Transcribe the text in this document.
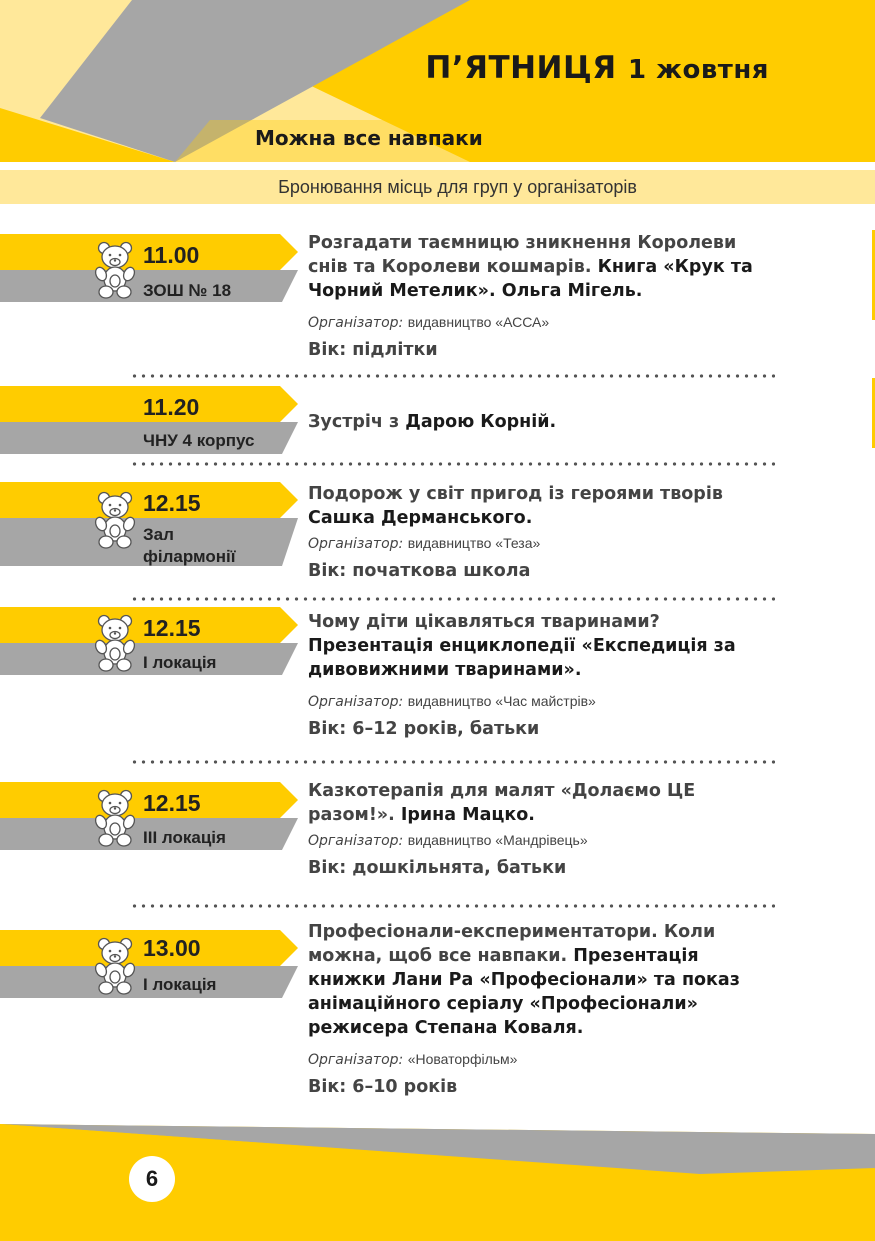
П’ЯТНИЦЯ 1 жовтня
Можна все навпаки
Бронювання місць для груп у організаторів
11.00
ЗОШ № 18

Розгадати таємницю зникнення Королеви снів та Королеви кошмарів. Книга «Крук та Чорний Метелик». Ольга Мігель.

Організатор: видавництво «АССА»
Вік: підлітки
11.20
ЧНУ 4 корпус

Зустріч з Дарою Корній.

12.15
Зал філармонії

Подорож у світ пригод із героями творів Сашка Дерманського.

Організатор: видавництво «Теза»
Вік: початкова школа
12.15
І локація

Чому діти цікавляться тваринами? Презентація енциклопедії «Експедиція за дивовижними тваринами».

Організатор: видавництво «Час майстрів»
Вік: 6–12 років, батьки
12.15
ІІІ локація

Казкотерапія для малят «Долаємо ЦЕ разом!». Ірина Мацко.

Організатор: видавництво «Мандрівець»
Вік: дошкільнята, батьки
13.00
І локація

Професіонали-експериментатори. Коли можна, щоб все навпаки. Презентація книжки Лани Ра «Професіонали» та показ анімаційного серіалу «Професіонали» режисера Степана Коваля.

Організатор: «Новаторфільм»
Вік: 6–10 років
6
